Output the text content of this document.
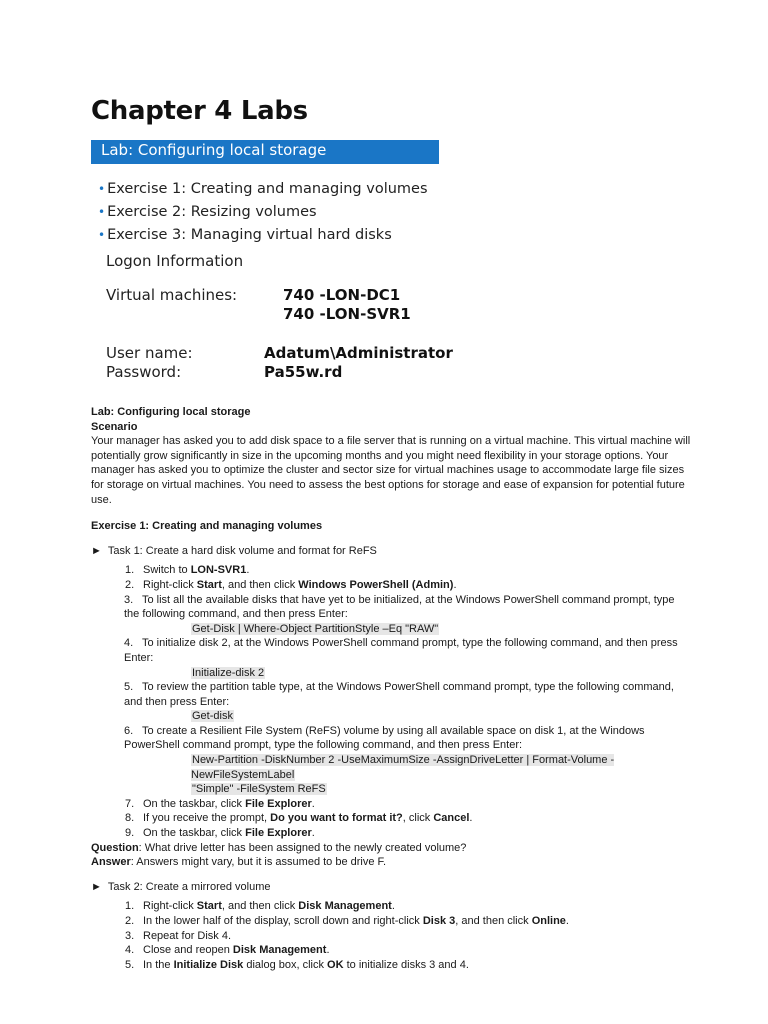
Chapter 4 Labs
Lab: Configuring local storage
• Exercise 1: Creating and managing volumes
• Exercise 2: Resizing volumes
• Exercise 3: Managing virtual hard disks
Logon Information
Virtual machines:	740 -LON-DC1
740 -LON-SVR1
User name:	Adatum\Administrator
Password:	Pa55w.rd

Lab: Configuring local storage

Scenario

Your manager has asked you to add disk space to a file server that is running on a virtual machine. This virtual machine will potentially grow significantly in size in the upcoming months and you might need flexibility in your storage options. Your manager has asked you to optimize the cluster and sector size for virtual machines usage to accommodate large file sizes for storage on virtual machines. You need to assess the best options for storage and ease of expansion for potential future use.

Exercise 1: Creating and managing volumes

► Task 1: Create a hard disk volume and format for ReFS

1. Switch to LON-SVR1.
2. Right-click Start, and then click Windows PowerShell (Admin).
3. To list all the available disks that have yet to be initialized, at the Windows PowerShell command prompt, type the following command, and then press Enter:
Get-Disk | Where-Object PartitionStyle –Eq "RAW"
4. To initialize disk 2, at the Windows PowerShell command prompt, type the following command, and then press Enter:
Initialize-disk 2
5. To review the partition table type, at the Windows PowerShell command prompt, type the following command, and then press Enter:
Get-disk
6. To create a Resilient File System (ReFS) volume by using all available space on disk 1, at the Windows PowerShell command prompt, type the following command, and then press Enter:
New-Partition -DiskNumber 2 -UseMaximumSize -AssignDriveLetter | Format-Volume -NewFileSystemLabel
"Simple" -FileSystem ReFS
7. On the taskbar, click File Explorer.
8. If you receive the prompt, Do you want to format it?, click Cancel.
9. On the taskbar, click File Explorer.

Question: What drive letter has been assigned to the newly created volume?

Answer: Answers might vary, but it is assumed to be drive F.

► Task 2: Create a mirrored volume

1. Right-click Start, and then click Disk Management.
2. In the lower half of the display, scroll down and right-click Disk 3, and then click Online.
3. Repeat for Disk 4.
4. Close and reopen Disk Management.
5. In the Initialize Disk dialog box, click OK to initialize disks 3 and 4.
